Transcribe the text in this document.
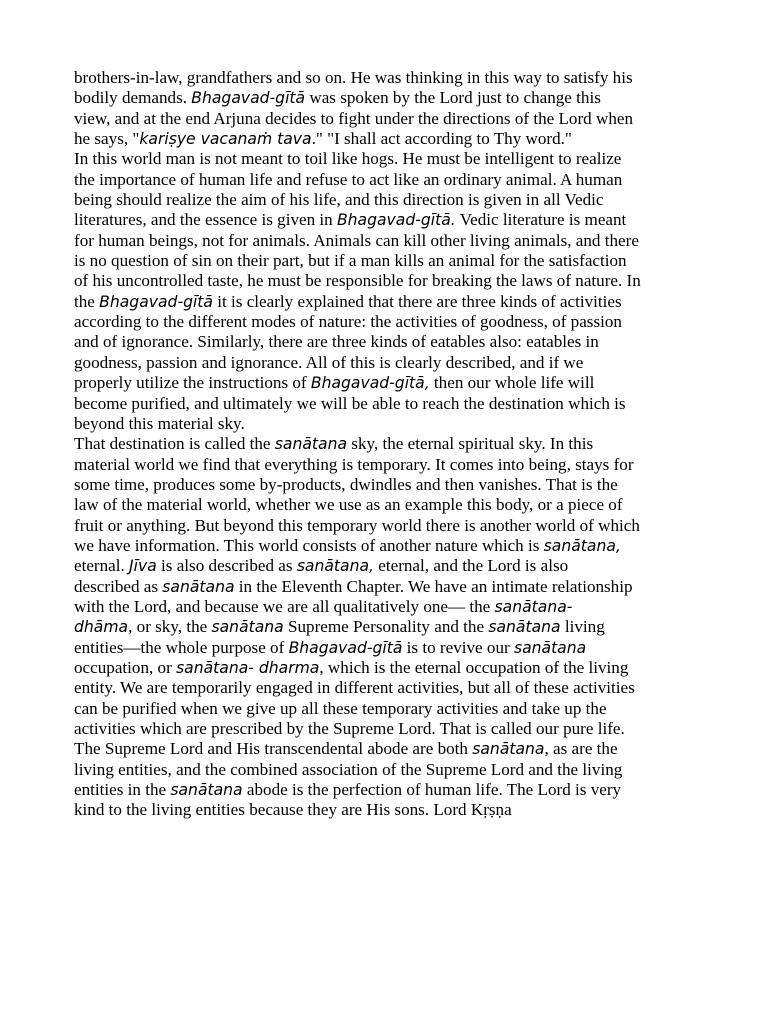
brothers-in-law, grandfathers and so on. He was thinking in this way to satisfy his
bodily demands. Bhagavad-gītā was spoken by the Lord just to change this
view, and at the end Arjuna decides to fight under the directions of the Lord when
he says, "kariṣye vacanaṁ tava." "I shall act according to Thy word."
In this world man is not meant to toil like hogs. He must be intelligent to realize
the importance of human life and refuse to act like an ordinary animal. A human
being should realize the aim of his life, and this direction is given in all Vedic
literatures, and the essence is given in Bhagavad-gītā. Vedic literature is meant
for human beings, not for animals. Animals can kill other living animals, and there
is no question of sin on their part, but if a man kills an animal for the satisfaction
of his uncontrolled taste, he must be responsible for breaking the laws of nature. In
the Bhagavad-gītā it is clearly explained that there are three kinds of activities
according to the different modes of nature: the activities of goodness, of passion
and of ignorance. Similarly, there are three kinds of eatables also: eatables in
goodness, passion and ignorance. All of this is clearly described, and if we
properly utilize the instructions of Bhagavad-gītā, then our whole life will
become purified, and ultimately we will be able to reach the destination which is
beyond this material sky.
That destination is called the sanātana sky, the eternal spiritual sky. In this
material world we find that everything is temporary. It comes into being, stays for
some time, produces some by-products, dwindles and then vanishes. That is the
law of the material world, whether we use as an example this body, or a piece of
fruit or anything. But beyond this temporary world there is another world of which
we have information. This world consists of another nature which is sanātana,
eternal. Jīva is also described as sanātana, eternal, and the Lord is also
described as sanātana in the Eleventh Chapter. We have an intimate relationship
with the Lord, and because we are all qualitatively one— the sanātana-
dhāma, or sky, the sanātana Supreme Personality and the sanātana living
entities—the whole purpose of Bhagavad-gītā is to revive our sanātana
occupation, or sanātana- dharma, which is the eternal occupation of the living
entity. We are temporarily engaged in different activities, but all of these activities
can be purified when we give up all these temporary activities and take up the
activities which are prescribed by the Supreme Lord. That is called our pure life.
The Supreme Lord and His transcendental abode are both sanātana, as are the
living entities, and the combined association of the Supreme Lord and the living
entities in the sanātana abode is the perfection of human life. The Lord is very
kind to the living entities because they are His sons. Lord Kṛṣṇa
